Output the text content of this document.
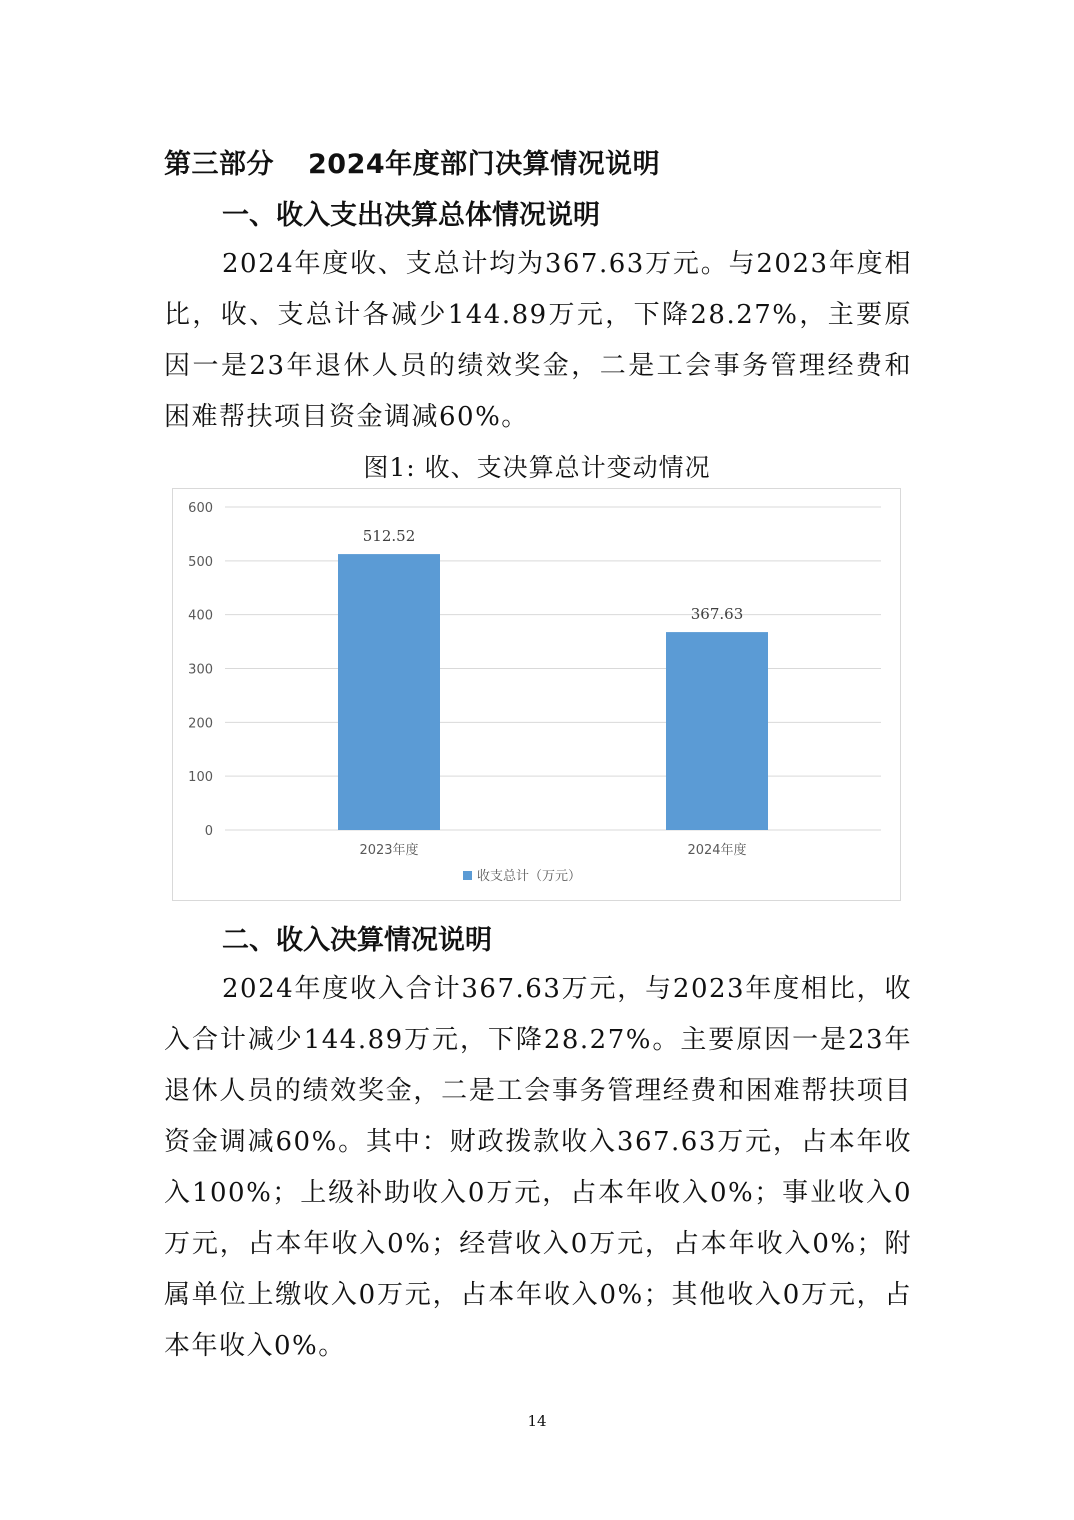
第三部分 2024年度部门决算情况说明
一、收入支出决算总体情况说明

2024年度收、支总计均为367.63万元。与2023年度相比，收、支总计各减少144.89万元，下降28.27%，主要原因一是23年退休人员的绩效奖金，二是工会事务管理经费和困难帮扶项目资金调减60%。

图1: 收、支决算总计变动情况

0
100
200
300
400
500
600
512.52
2023年度
367.63
2024年度
收支总计（万元）
二、收入决算情况说明

2024年度收入合计367.63万元，与2023年度相比，收入合计减少144.89万元，下降28.27%。主要原因一是23年退休人员的绩效奖金，二是工会事务管理经费和困难帮扶项目资金调减60%。其中：财政拨款收入367.63万元，占本年收入100%；上级补助收入0万元，占本年收入0%；事业收入0万元，占本年收入0%；经营收入0万元，占本年收入0%；附属单位上缴收入0万元，占本年收入0%；其他收入0万元，占本年收入0%。

14
